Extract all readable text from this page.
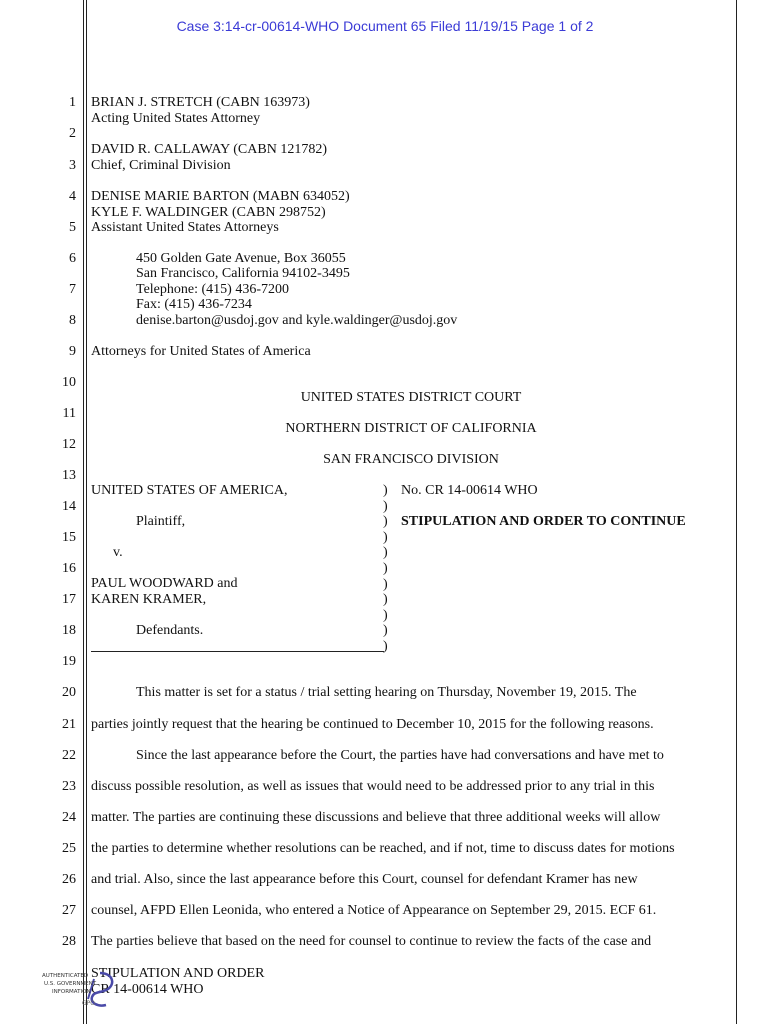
Case 3:14-cr-00614-WHO Document 65 Filed 11/19/15 Page 1 of 2
1
2
3
4
5
6
7
8
9
10
11
12
13
14
15
16
17
18
19
20
21
22
23
24
25
26
27
28
BRIAN J. STRETCH (CABN 163973)
Acting United States Attorney
DAVID R. CALLAWAY (CABN 121782)
Chief, Criminal Division
DENISE MARIE BARTON (MABN 634052)
KYLE F. WALDINGER (CABN 298752)
Assistant United States Attorneys
450 Golden Gate Avenue, Box 36055
San Francisco, California 94102-3495
Telephone: (415) 436-7200
Fax: (415) 436-7234
denise.barton@usdoj.gov and kyle.waldinger@usdoj.gov
Attorneys for United States of America
UNITED STATES DISTRICT COURT
NORTHERN DISTRICT OF CALIFORNIA
SAN FRANCISCO DIVISION
UNITED STATES OF AMERICA,
Plaintiff,
v.
PAUL WOODWARD and
KAREN KRAMER,
Defendants.
)
)
)
)
)
)
)
)
)
)
)
No. CR 14-00614 WHO
STIPULATION AND ORDER TO CONTINUE
This matter is set for a status / trial setting hearing on Thursday, November 19, 2015. The
parties jointly request that the hearing be continued to December 10, 2015 for the following reasons.
Since the last appearance before the Court, the parties have had conversations and have met to
discuss possible resolution, as well as issues that would need to be addressed prior to any trial in this
matter. The parties are continuing these discussions and believe that three additional weeks will allow
the parties to determine whether resolutions can be reached, and if not, time to discuss dates for motions
and trial. Also, since the last appearance before this Court, counsel for defendant Kramer has new
counsel, AFPD Ellen Leonida, who entered a Notice of Appearance on September 29, 2015. ECF 61.
The parties believe that based on the need for counsel to continue to review the facts of the case and
STIPULATION AND ORDER
CR 14-00614 WHO
AUTHENTICATED
U.S. GOVERNMENT
INFORMATION
GPO
